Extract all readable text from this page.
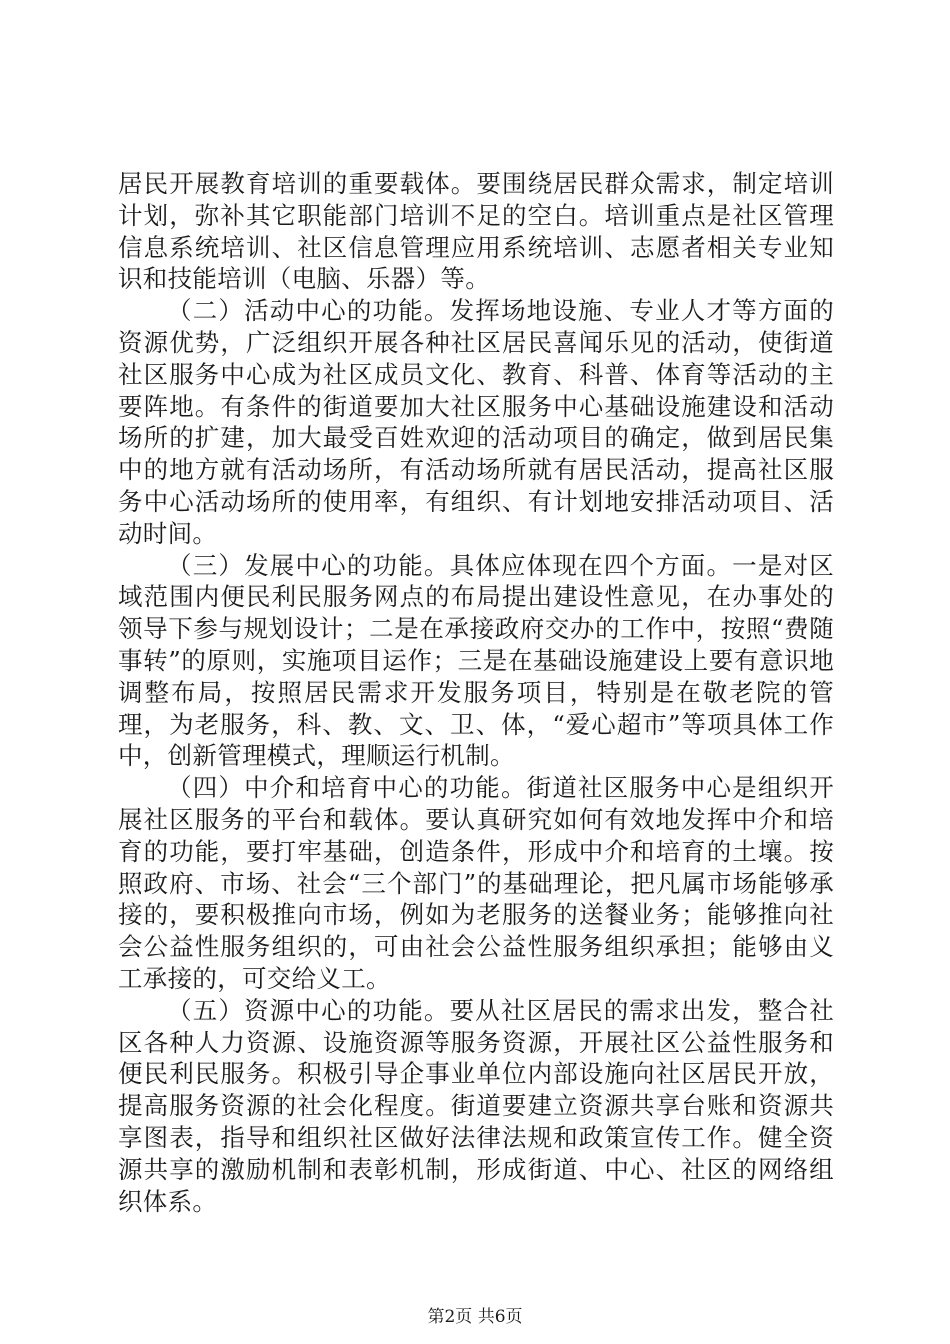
居民开展教育培训的重要载体。要围绕居民群众需求，制定培训计划，弥补其它职能部门培训不足的空白。培训重点是社区管理信息系统培训、社区信息管理应用系统培训、志愿者相关专业知识和技能培训（电脑、乐器）等。

（二）活动中心的功能。发挥场地设施、专业人才等方面的资源优势，广泛组织开展各种社区居民喜闻乐见的活动，使街道社区服务中心成为社区成员文化、教育、科普、体育等活动的主要阵地。有条件的街道要加大社区服务中心基础设施建设和活动场所的扩建，加大最受百姓欢迎的活动项目的确定，做到居民集中的地方就有活动场所，有活动场所就有居民活动，提高社区服务中心活动场所的使用率，有组织、有计划地安排活动项目、活动时间。

（三）发展中心的功能。具体应体现在四个方面。一是对区域范围内便民利民服务网点的布局提出建设性意见，在办事处的领导下参与规划设计；二是在承接政府交办的工作中，按照“费随事转”的原则，实施项目运作；三是在基础设施建设上要有意识地调整布局，按照居民需求开发服务项目，特别是在敬老院的管理，为老服务，科、教、文、卫、体，“爱心超市”等项具体工作中，创新管理模式，理顺运行机制。

（四）中介和培育中心的功能。街道社区服务中心是组织开展社区服务的平台和载体。要认真研究如何有效地发挥中介和培育的功能，要打牢基础，创造条件，形成中介和培育的土壤。按照政府、市场、社会“三个部门”的基础理论，把凡属市场能够承接的，要积极推向市场，例如为老服务的送餐业务；能够推向社会公益性服务组织的，可由社会公益性服务组织承担；能够由义工承接的，可交给义工。

（五）资源中心的功能。要从社区居民的需求出发，整合社区各种人力资源、设施资源等服务资源，开展社区公益性服务和便民利民服务。积极引导企事业单位内部设施向社区居民开放，提高服务资源的社会化程度。街道要建立资源共享台账和资源共享图表，指导和组织社区做好法律法规和政策宣传工作。健全资源共享的激励机制和表彰机制，形成街道、中心、社区的网络组织体系。

第2页 共6页
